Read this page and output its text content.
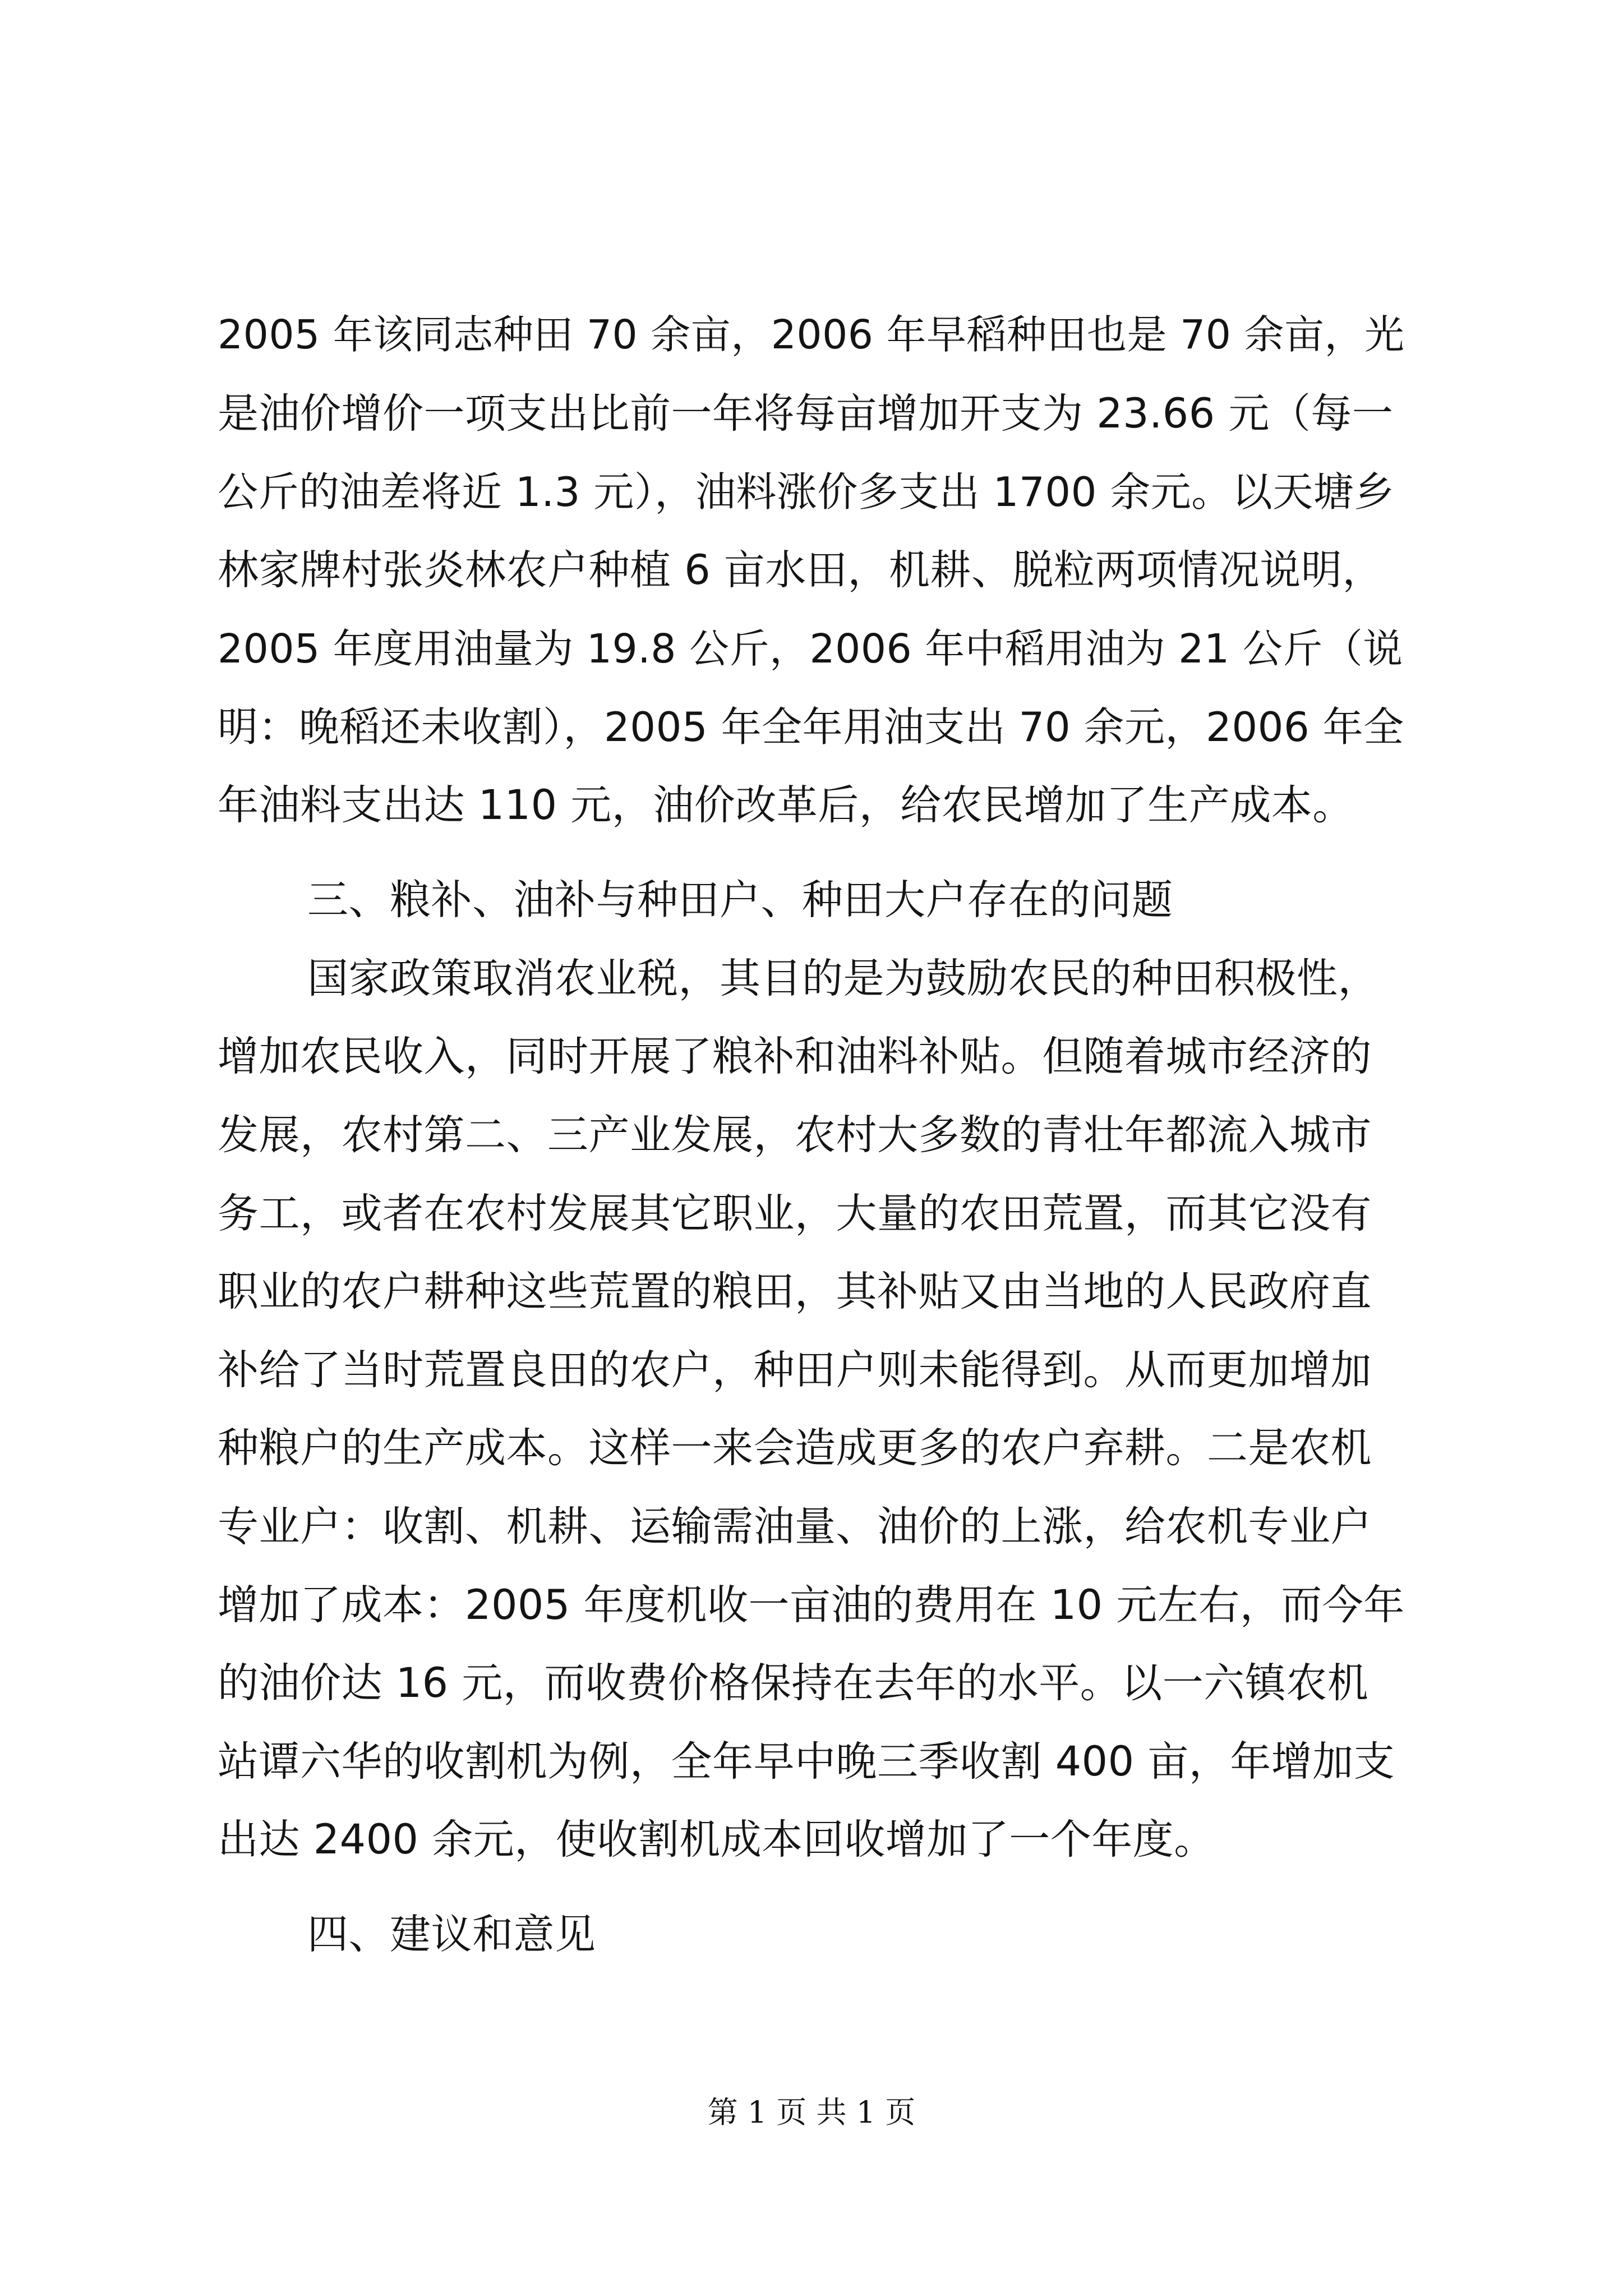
2005 年该同志种田 70 余亩，2006 年早稻种田也是 70 余亩，光
是油价增价一项支出比前一年将每亩增加开支为 23.66 元（每一
公斤的油差将近 1.3 元），油料涨价多支出 1700 余元。以天塘乡
林家牌村张炎林农户种植 6 亩水田，机耕、脱粒两项情况说明，
2005 年度用油量为 19.8 公斤，2006 年中稻用油为 21 公斤（说
明：晚稻还未收割），2005 年全年用油支出 70 余元，2006 年全
年油料支出达 110 元，油价改革后，给农民增加了生产成本。
三、粮补、油补与种田户、种田大户存在的问题
国家政策取消农业税，其目的是为鼓励农民的种田积极性，
增加农民收入，同时开展了粮补和油料补贴。但随着城市经济的
发展，农村第二、三产业发展，农村大多数的青壮年都流入城市
务工，或者在农村发展其它职业，大量的农田荒置，而其它没有
职业的农户耕种这些荒置的粮田，其补贴又由当地的人民政府直
补给了当时荒置良田的农户，种田户则未能得到。从而更加增加
种粮户的生产成本。这样一来会造成更多的农户弃耕。二是农机
专业户：收割、机耕、运输需油量、油价的上涨，给农机专业户
增加了成本：2005 年度机收一亩油的费用在 10 元左右，而今年
的油价达 16 元，而收费价格保持在去年的水平。以一六镇农机
站谭六华的收割机为例，全年早中晚三季收割 400 亩，年增加支
出达 2400 余元，使收割机成本回收增加了一个年度。
四、建议和意见
第 1 页 共 1 页
